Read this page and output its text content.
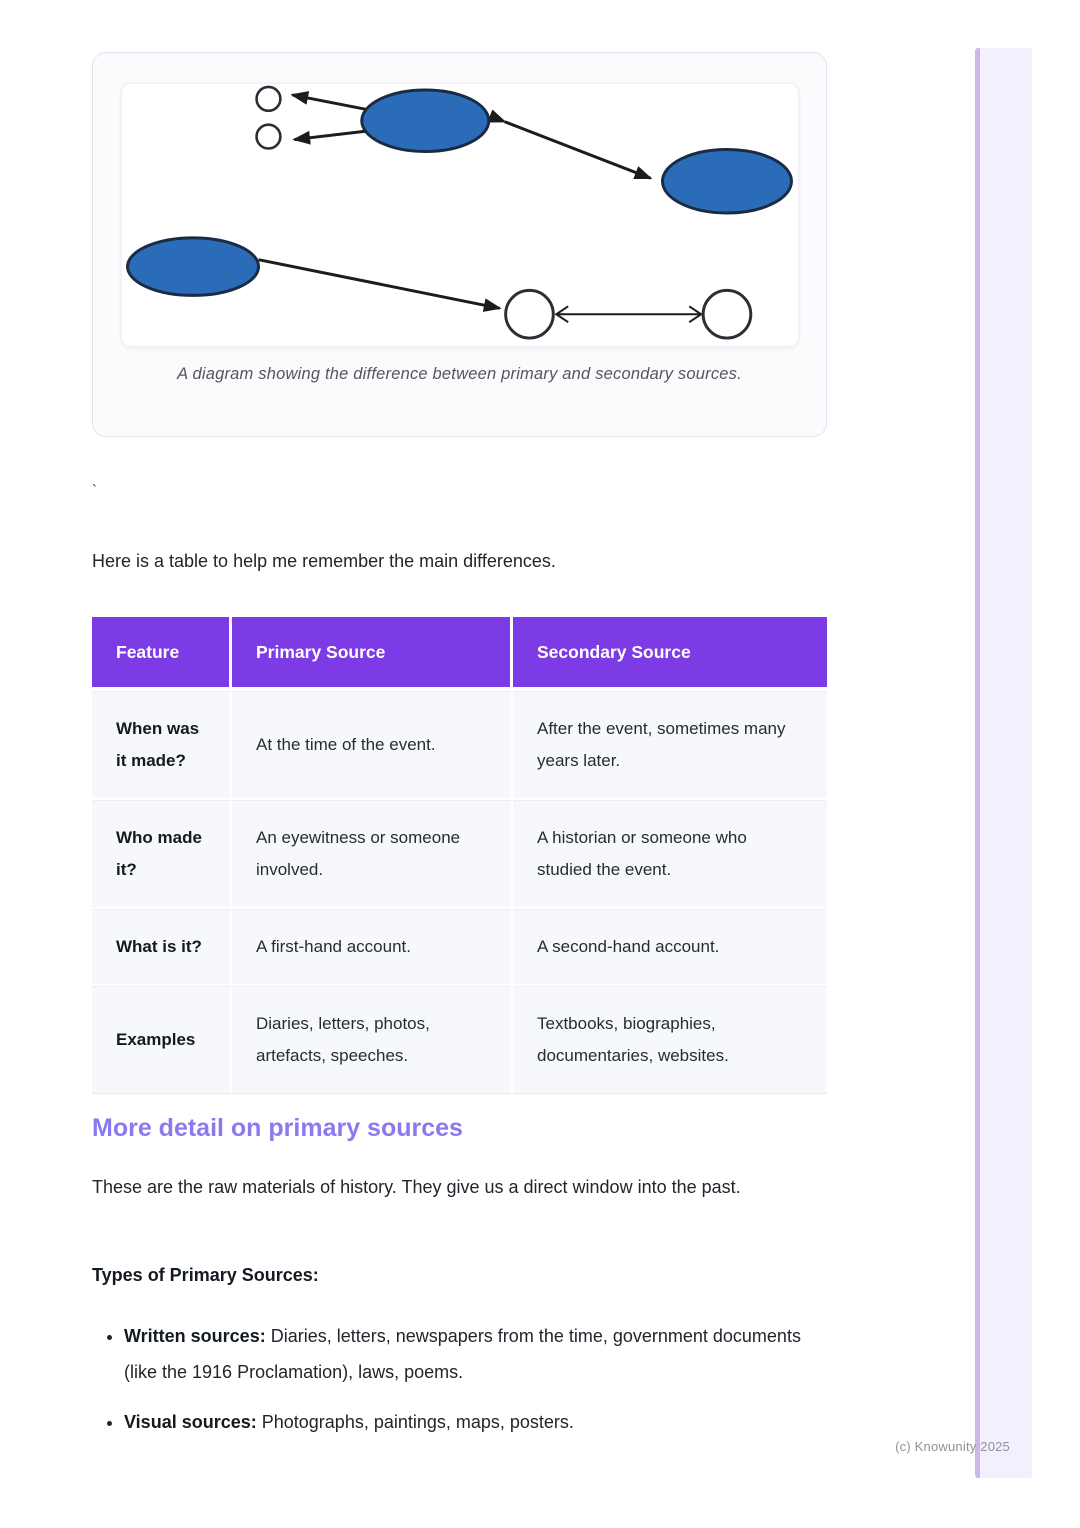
A diagram showing the difference between primary and secondary sources.

`

Here is a table to help me remember the main differences.

Feature	Primary Source	Secondary Source
When was it made?	At the time of the event.	After the event, sometimes many years later.
Who made it?	An eyewitness or someone involved.	A historian or someone who studied the event.
What is it?	A first-hand account.	A second-hand account.
Examples	Diaries, letters, photos, artefacts, speeches.	Textbooks, biographies, documentaries, websites.
More detail on primary sources

These are the raw materials of history. They give us a direct window into the past.

Types of Primary Sources:

• Written sources: Diaries, letters, newspapers from the time, government documents (like the 1916 Proclamation), laws, poems.
• Visual sources: Photographs, paintings, maps, posters.
(c) Knowunity 2025
